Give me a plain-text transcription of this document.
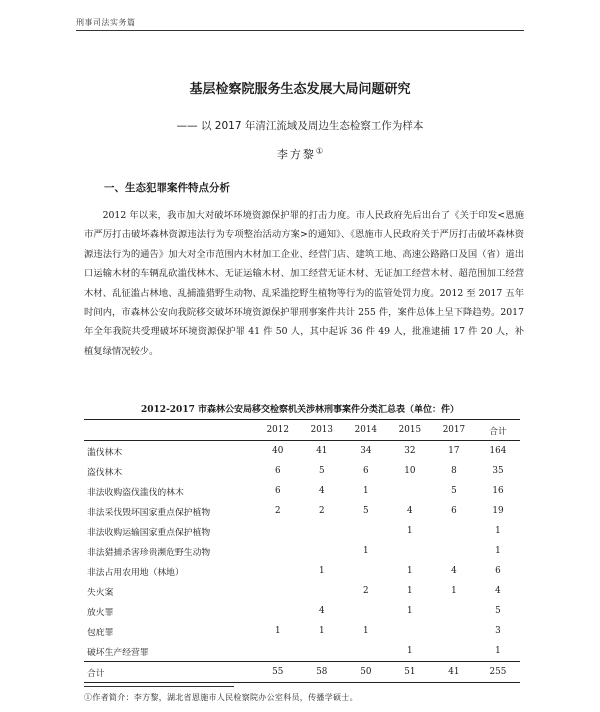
刑事司法实务篇
基层检察院服务生态发展大局问题研究
—— 以 2017 年清江流域及周边生态检察工作为样本
李方黎①
一、生态犯罪案件特点分析
2012 年以来，我市加大对破坏环境资源保护罪的打击力度。市人民政府先后出台了《关于印发<恩施市严厉打击破坏森林资源违法行为专项整治活动方案>的通知》、《恩施市人民政府关于严厉打击破坏森林资源违法行为的通告》加大对全市范围内木材加工企业、经营门店、建筑工地、高速公路路口及国（省）道出口运输木材的车辆乱砍滥伐林木、无证运输木材、加工经营无证木材、无证加工经营木材、超范围加工经营木材、乱征滥占林地、乱捕滥猎野生动物、乱采滥挖野生植物等行为的监管处罚力度。2012 至 2017 五年时间内，市森林公安向我院移交破坏环境资源保护罪刑事案件共计 255 件，案件总体上呈下降趋势。2017 年全年我院共受理破坏环境资源保护罪 41 件 50 人，其中起诉 36 件 49 人，批准逮捕 17 件 20 人，补植复绿情况较少。
2012-2017 市森林公安局移交检察机关涉林刑事案件分类汇总表（单位：件）
	2012	2013	2014	2015	2017	合计
滥伐林木	40	41	34	32	17	164
盗伐林木	6	5	6	10	8	35
非法收购盗伐滥伐的林木	6	4	1		5	16
非法采伐毁坏国家重点保护植物	2	2	5	4	6	19
非法收购运输国家重点保护植物				1		1
非法猎捕杀害珍贵濒危野生动物			1			1
非法占用农用地（林地）		1		1	4	6
失火案			2	1	1	4
放火罪		4		1		5
包庇罪	1	1	1			3
破坏生产经营罪				1		1
合计	55	58	50	51	41	255
①作者简介：李方黎，湖北省恩施市人民检察院办公室科员，传播学硕士。
